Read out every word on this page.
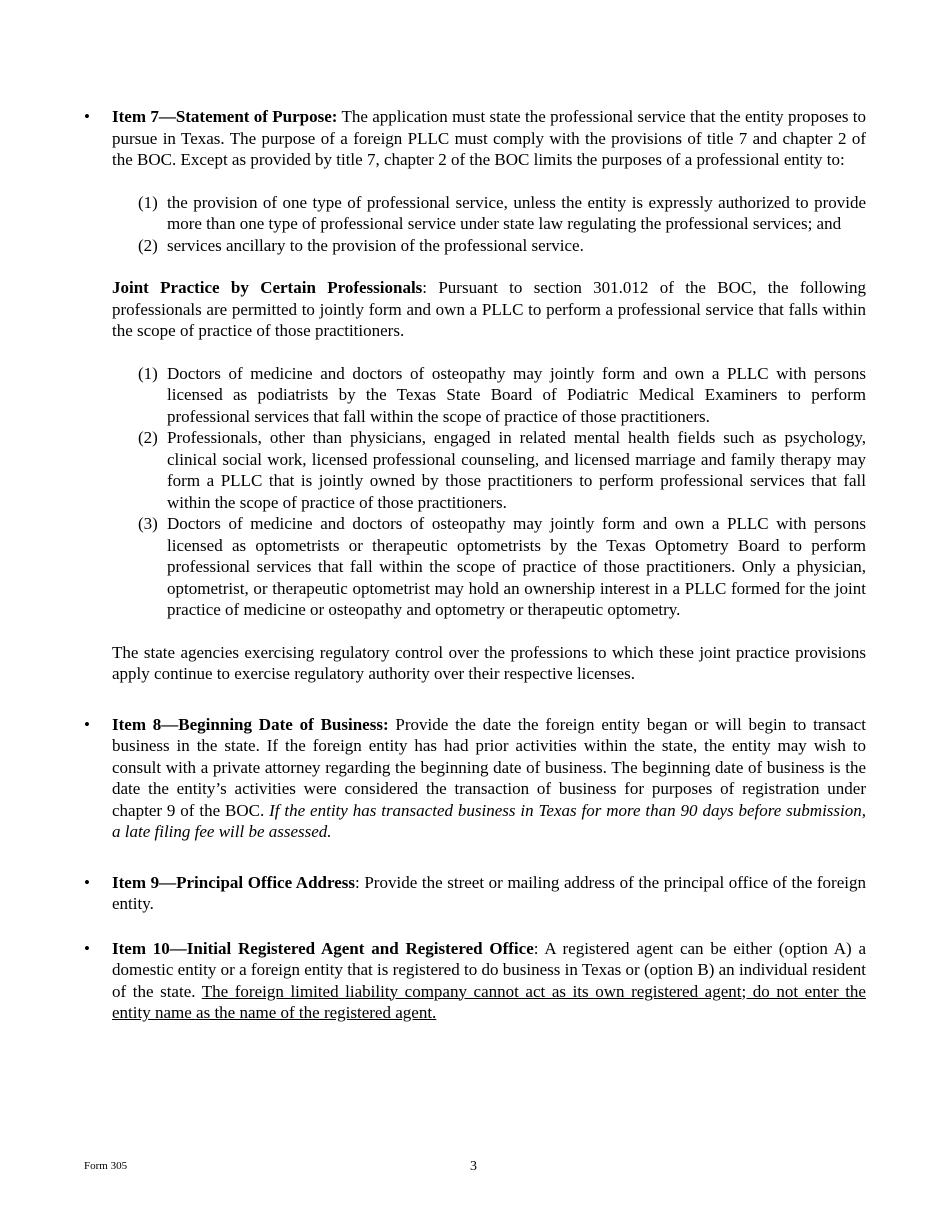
• Item 7—Statement of Purpose: The application must state the professional service that the entity proposes to pursue in Texas. The purpose of a foreign PLLC must comply with the provisions of title 7 and chapter 2 of the BOC. Except as provided by title 7, chapter 2 of the BOC limits the purposes of a professional entity to:

(1) the provision of one type of professional service, unless the entity is expressly authorized to provide more than one type of professional service under state law regulating the professional services; and
(2) services ancillary to the provision of the professional service.

Joint Practice by Certain Professionals: Pursuant to section 301.012 of the BOC, the following professionals are permitted to jointly form and own a PLLC to perform a professional service that falls within the scope of practice of those practitioners.

(1) Doctors of medicine and doctors of osteopathy may jointly form and own a PLLC with persons licensed as podiatrists by the Texas State Board of Podiatric Medical Examiners to perform professional services that fall within the scope of practice of those practitioners.
(2) Professionals, other than physicians, engaged in related mental health fields such as psychology, clinical social work, licensed professional counseling, and licensed marriage and family therapy may form a PLLC that is jointly owned by those practitioners to perform professional services that fall within the scope of practice of those practitioners.
(3) Doctors of medicine and doctors of osteopathy may jointly form and own a PLLC with persons licensed as optometrists or therapeutic optometrists by the Texas Optometry Board to perform professional services that fall within the scope of practice of those practitioners. Only a physician, optometrist, or therapeutic optometrist may hold an ownership interest in a PLLC formed for the joint practice of medicine or osteopathy and optometry or therapeutic optometry.

The state agencies exercising regulatory control over the professions to which these joint practice provisions apply continue to exercise regulatory authority over their respective licenses.

• Item 8—Beginning Date of Business: Provide the date the foreign entity began or will begin to transact business in the state. If the foreign entity has had prior activities within the state, the entity may wish to consult with a private attorney regarding the beginning date of business. The beginning date of business is the date the entity’s activities were considered the transaction of business for purposes of registration under chapter 9 of the BOC. If the entity has transacted business in Texas for more than 90 days before submission, a late filing fee will be assessed.

• Item 9—Principal Office Address: Provide the street or mailing address of the principal office of the foreign entity.

• Item 10—Initial Registered Agent and Registered Office: A registered agent can be either (option A) a domestic entity or a foreign entity that is registered to do business in Texas or (option B) an individual resident of the state. The foreign limited liability company cannot act as its own registered agent; do not enter the entity name as the name of the registered agent.

Form 305	3
